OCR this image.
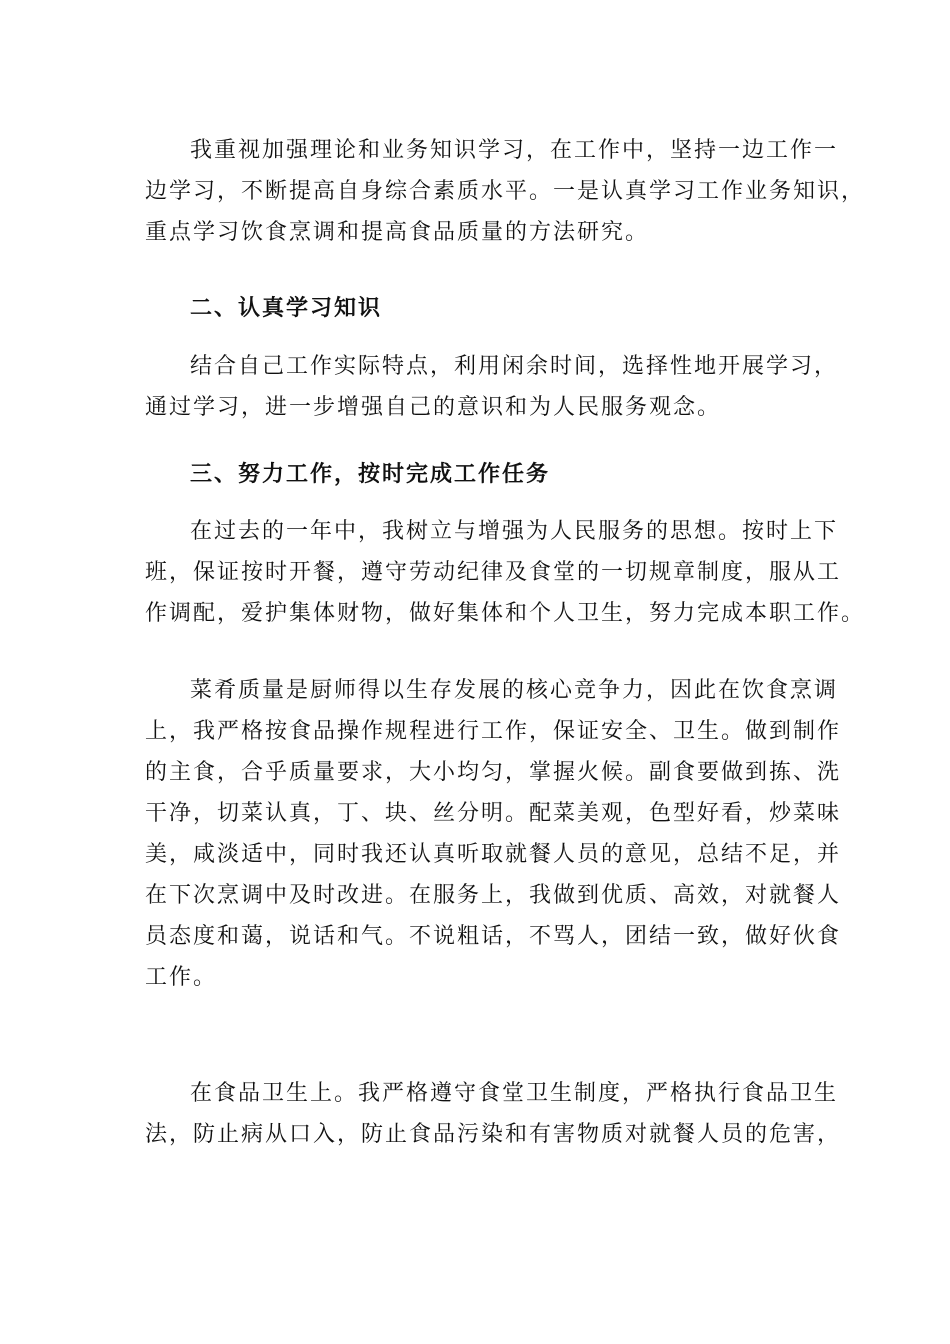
我重视加强理论和业务知识学习，在工作中，坚持一边工作一
边学习，不断提高自身综合素质水平。一是认真学习工作业务知识，
重点学习饮食烹调和提高食品质量的方法研究。
二、认真学习知识
结合自己工作实际特点，利用闲余时间，选择性地开展学习，
通过学习，进一步增强自己的意识和为人民服务观念。
三、努力工作，按时完成工作任务
在过去的一年中，我树立与增强为人民服务的思想。按时上下
班，保证按时开餐，遵守劳动纪律及食堂的一切规章制度，服从工
作调配，爱护集体财物，做好集体和个人卫生，努力完成本职工作。
菜肴质量是厨师得以生存发展的核心竞争力，因此在饮食烹调
上，我严格按食品操作规程进行工作，保证安全、卫生。做到制作
的主食，合乎质量要求，大小均匀，掌握火候。副食要做到拣、洗
干净，切菜认真，丁、块、丝分明。配菜美观，色型好看，炒菜味
美，咸淡适中，同时我还认真听取就餐人员的意见，总结不足，并
在下次烹调中及时改进。在服务上，我做到优质、高效，对就餐人
员态度和蔼，说话和气。不说粗话，不骂人，团结一致，做好伙食
工作。
在食品卫生上。我严格遵守食堂卫生制度，严格执行食品卫生
法，防止病从口入，防止食品污染和有害物质对就餐人员的危害，
